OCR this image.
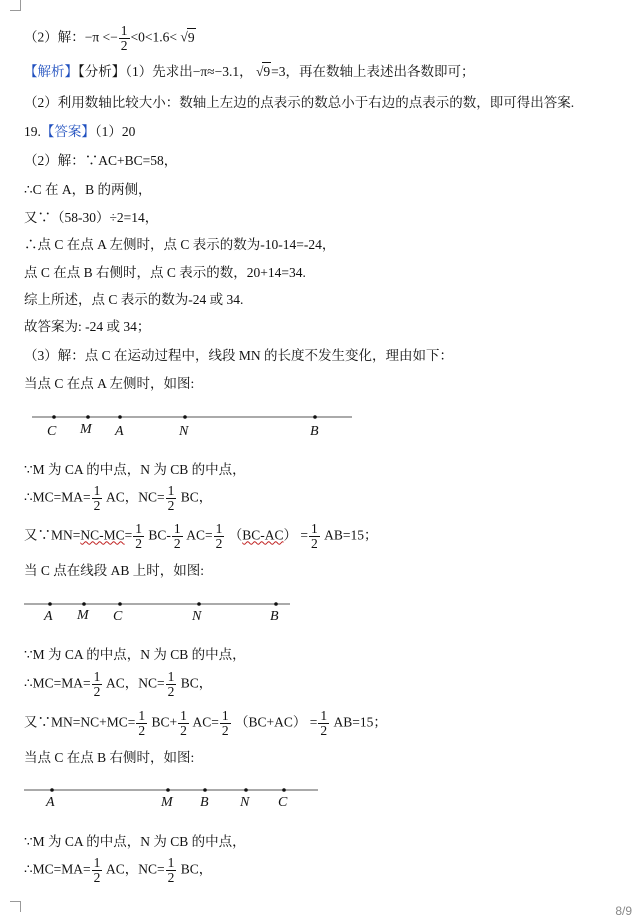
（2）解：$-\pi <- \frac{1}{2} <0<1.6< √9$
【解析】【分析】（1）先求出−π≈−3.1， √9=3，再在数轴上表述出各数即可；
（2）利用数轴比较大小：数轴上左边的点表示的数总小于右边的点表示的数，即可得出答案.
19.【答案】（1）20
（2）解：∵AC+BC=58，
∴C 在 A，B 的两侧，
又∵（58-30）÷2=14，
∴点 C 在点 A 左侧时，点 C 表示的数为-10-14=-24，
点 C 在点 B 右侧时，点 C 表示的数，20+14=34.
综上所述，点 C 表示的数为-24 或 34.
故答案为: -24 或 34；
（3）解：点 C 在运动过程中，线段 MN 的长度不发生变化，理由如下：
当点 C 在点 A 左侧时，如图:
C M A	N	B
∵M 为 CA 的中点，N 为 CB 的中点，
∴MC=MA= $\frac{1}{2}$ AC，$NC= \frac{1}{2}$ BC，
又∵MN=NC-MC= $\frac{1}{2} BC- \frac{1}{2} AC= \frac{1}{2} (BC-AC) = \frac{1}{2} AB=15$；
当 C 点在线段 AB 上时，如图:
A M C	N	B
∵M 为 CA 的中点，N 为 CB 的中点，
∴MC=MA= $\frac{1}{2}$ AC，$NC= \frac{1}{2}$ BC，
又∵MN=NC+MC= $\frac{1}{2} BC+ \frac{1}{2} AC= \frac{1}{2} (BC+AC) = \frac{1}{2} AB=15$；
当点 C 在点 B 右侧时，如图:
A	M B N C
∵M 为 CA 的中点，N 为 CB 的中点，
∴MC=MA= $\frac{1}{2}$ AC，$NC= \frac{1}{2}$ BC，
8/9
